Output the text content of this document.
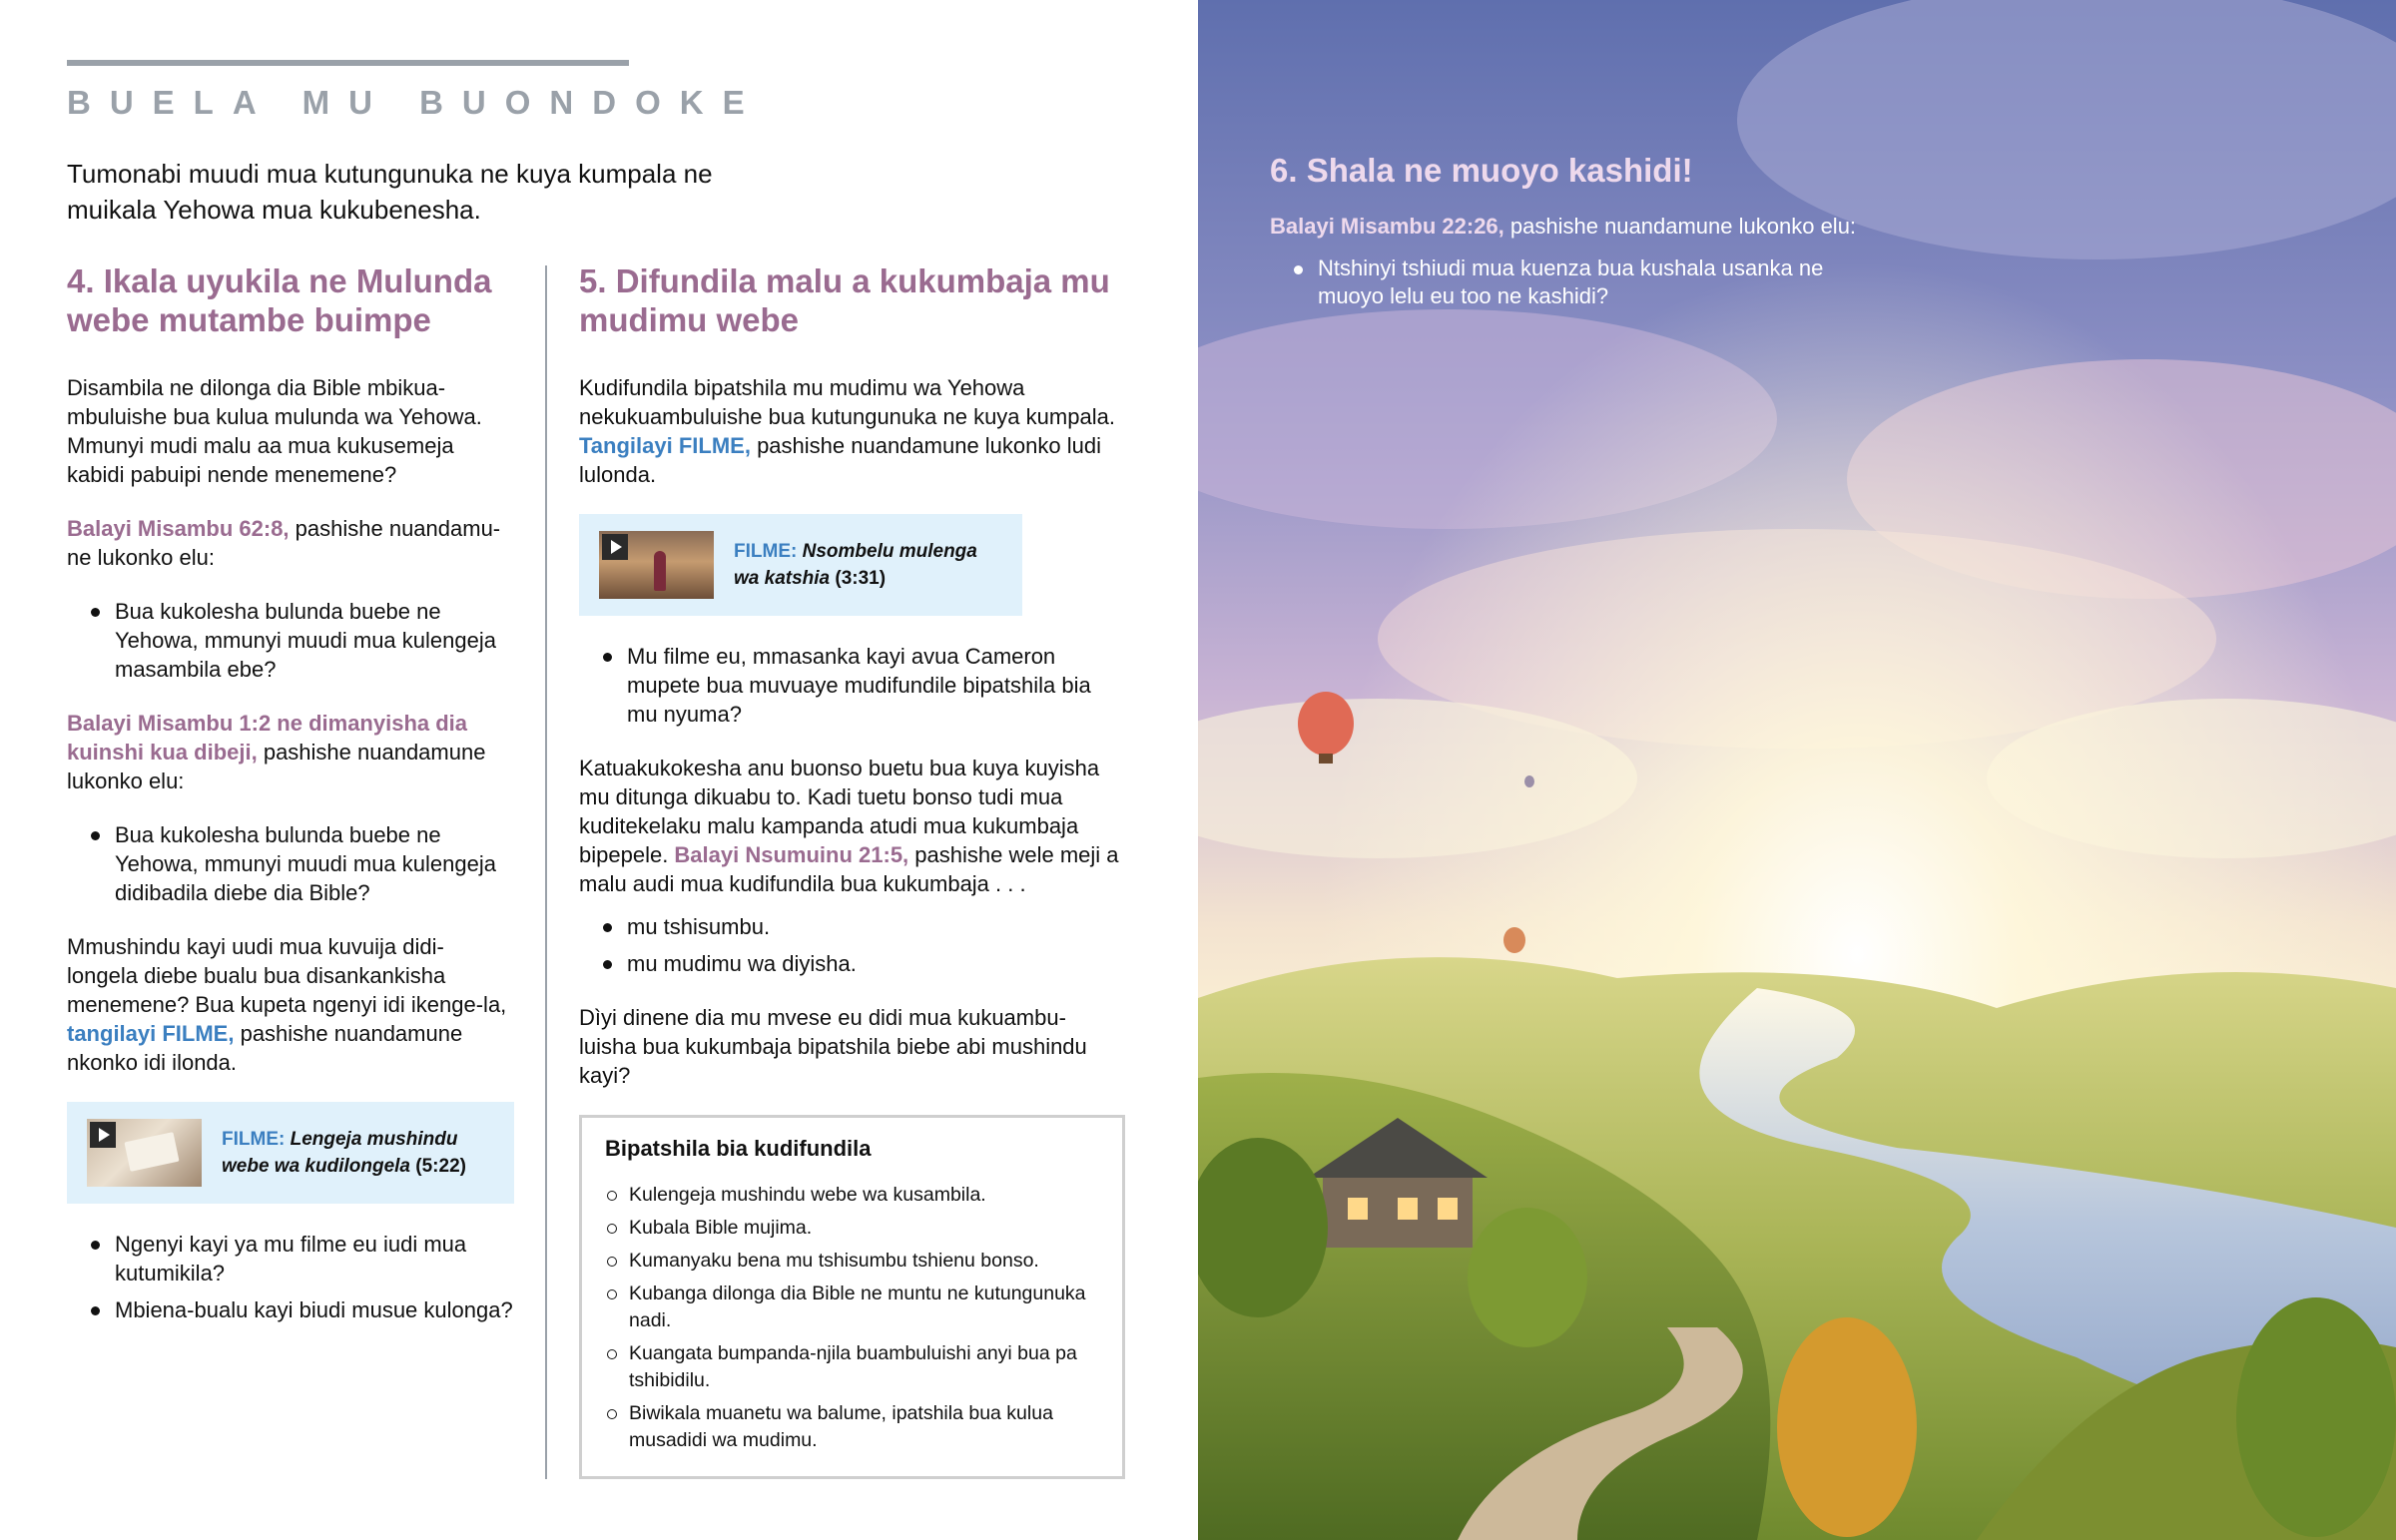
BUELA MU BUONDOKE
Tumonabi muudi mua kutungunuka ne kuya kumpala ne muikala Yehowa mua kukubenesha.
4. Ikala uyukila ne Mulunda webe mutambe buimpe

Disambila ne dilonga dia Bible mbikua-mbuluishe bua kulua mulunda wa Yehowa. Mmunyi mudi malu aa mua kukusemeja kabidi pabuipi nende menemene?

Balayi Misambu 62:8, pashishe nuandamu-ne lukonko elu:

Bua kukolesha bulunda buebe ne Yehowa, mmunyi muudi mua kulengeja masambila ebe?

Balayi Misambu 1:2 ne dimanyisha dia kuinshi kua dibeji, pashishe nuandamune lukonko elu:

Bua kukolesha bulunda buebe ne Yehowa, mmunyi muudi mua kulengeja didibadila diebe dia Bible?

Mmushindu kayi uudi mua kuvuija didi-longela diebe bualu bua disankankisha menemene? Bua kupeta ngenyi idi ikenge-la, tangilayi FILME, pashishe nuandamune nkonko idi ilonda.

FILME: Lengeja mushindu webe wa kudilongela (5:22)
Ngenyi kayi ya mu filme eu iudi mua kutumikila?
Mbiena-bualu kayi biudi musue kulonga?
5. Difundila malu a kukumbaja mu mudimu webe

Kudifundila bipatshila mu mudimu wa Yehowa nekukuambuluishe bua kutungunuka ne kuya kumpala. Tangilayi FILME, pashishe nuandamune lukonko ludi lulonda.

FILME: Nsombelu mulenga wa katshia (3:31)
Mu filme eu, mmasanka kayi avua Cameron mupete bua muvuaye mudifundile bipatshila bia mu nyuma?

Katuakukokesha anu buonso buetu bua kuya kuyisha mu ditunga dikuabu to. Kadi tuetu bonso tudi mua kuditekelaku malu kampanda atudi mua kukumbaja bipepele. Balayi Nsumuinu 21:5, pashishe wele meji a malu audi mua kudifundila bua kukumbaja . . .

mu tshisumbu.
mu mudimu wa diyisha.

Dìyi dinene dia mu mvese eu didi mua kukuambu-luisha bua kukumbaja bipatshila biebe abi mushindu kayi?

Bipatshila bia kudifundila
Kulengeja mushindu webe wa kusambila.
Kubala Bible mujima.
Kumanyaku bena mu tshisumbu tshienu bonso.
Kubanga dilonga dia Bible ne muntu ne kutungunuka nadi.
Kuangata bumpanda-njila buambuluishi anyi bua pa tshibidilu.
Biwikala muanetu wa balume, ipatshila bua kulua musadidi wa mudimu.
6. Shala ne muoyo kashidi!

Balayi Misambu 22:26, pashishe nuandamune lukonko elu:

Ntshinyi tshiudi mua kuenza bua kushala usanka ne muoyo lelu eu too ne kashidi?
